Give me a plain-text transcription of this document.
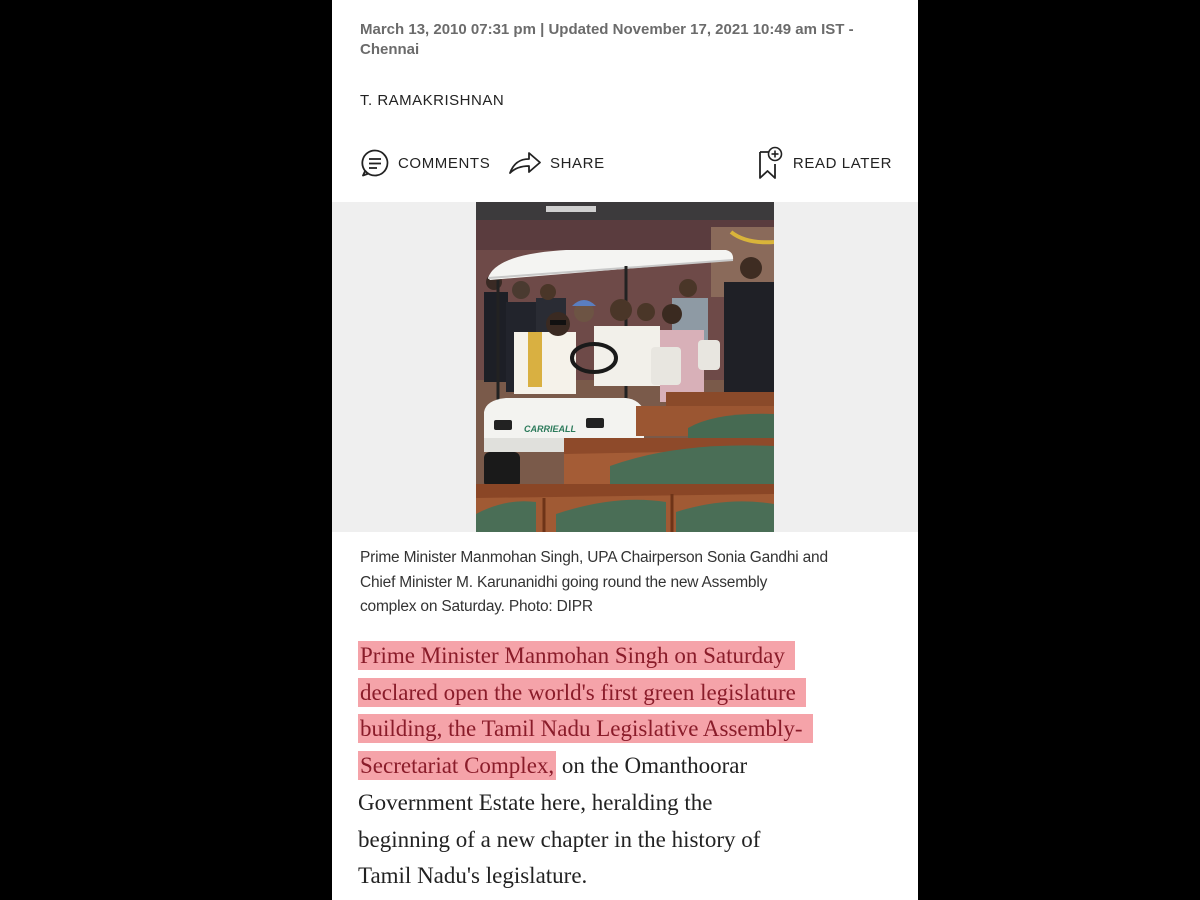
March 13, 2010 07:31 pm | Updated November 17, 2021 10:49 am IST - Chennai
T. RAMAKRISHNAN
COMMENTS	SHARE	READ LATER
CARRIEALL
Prime Minister Manmohan Singh, UPA Chairperson Sonia Gandhi and
Chief Minister M. Karunanidhi going round the new Assembly
complex on Saturday. Photo: DIPR
Prime Minister Manmohan Singh on Saturday
declared open the world's first green legislature
building, the Tamil Nadu Legislative Assembly-
Secretariat Complex, on the Omanthoorar
Government Estate here, heralding the
beginning of a new chapter in the history of
Tamil Nadu's legislature.
